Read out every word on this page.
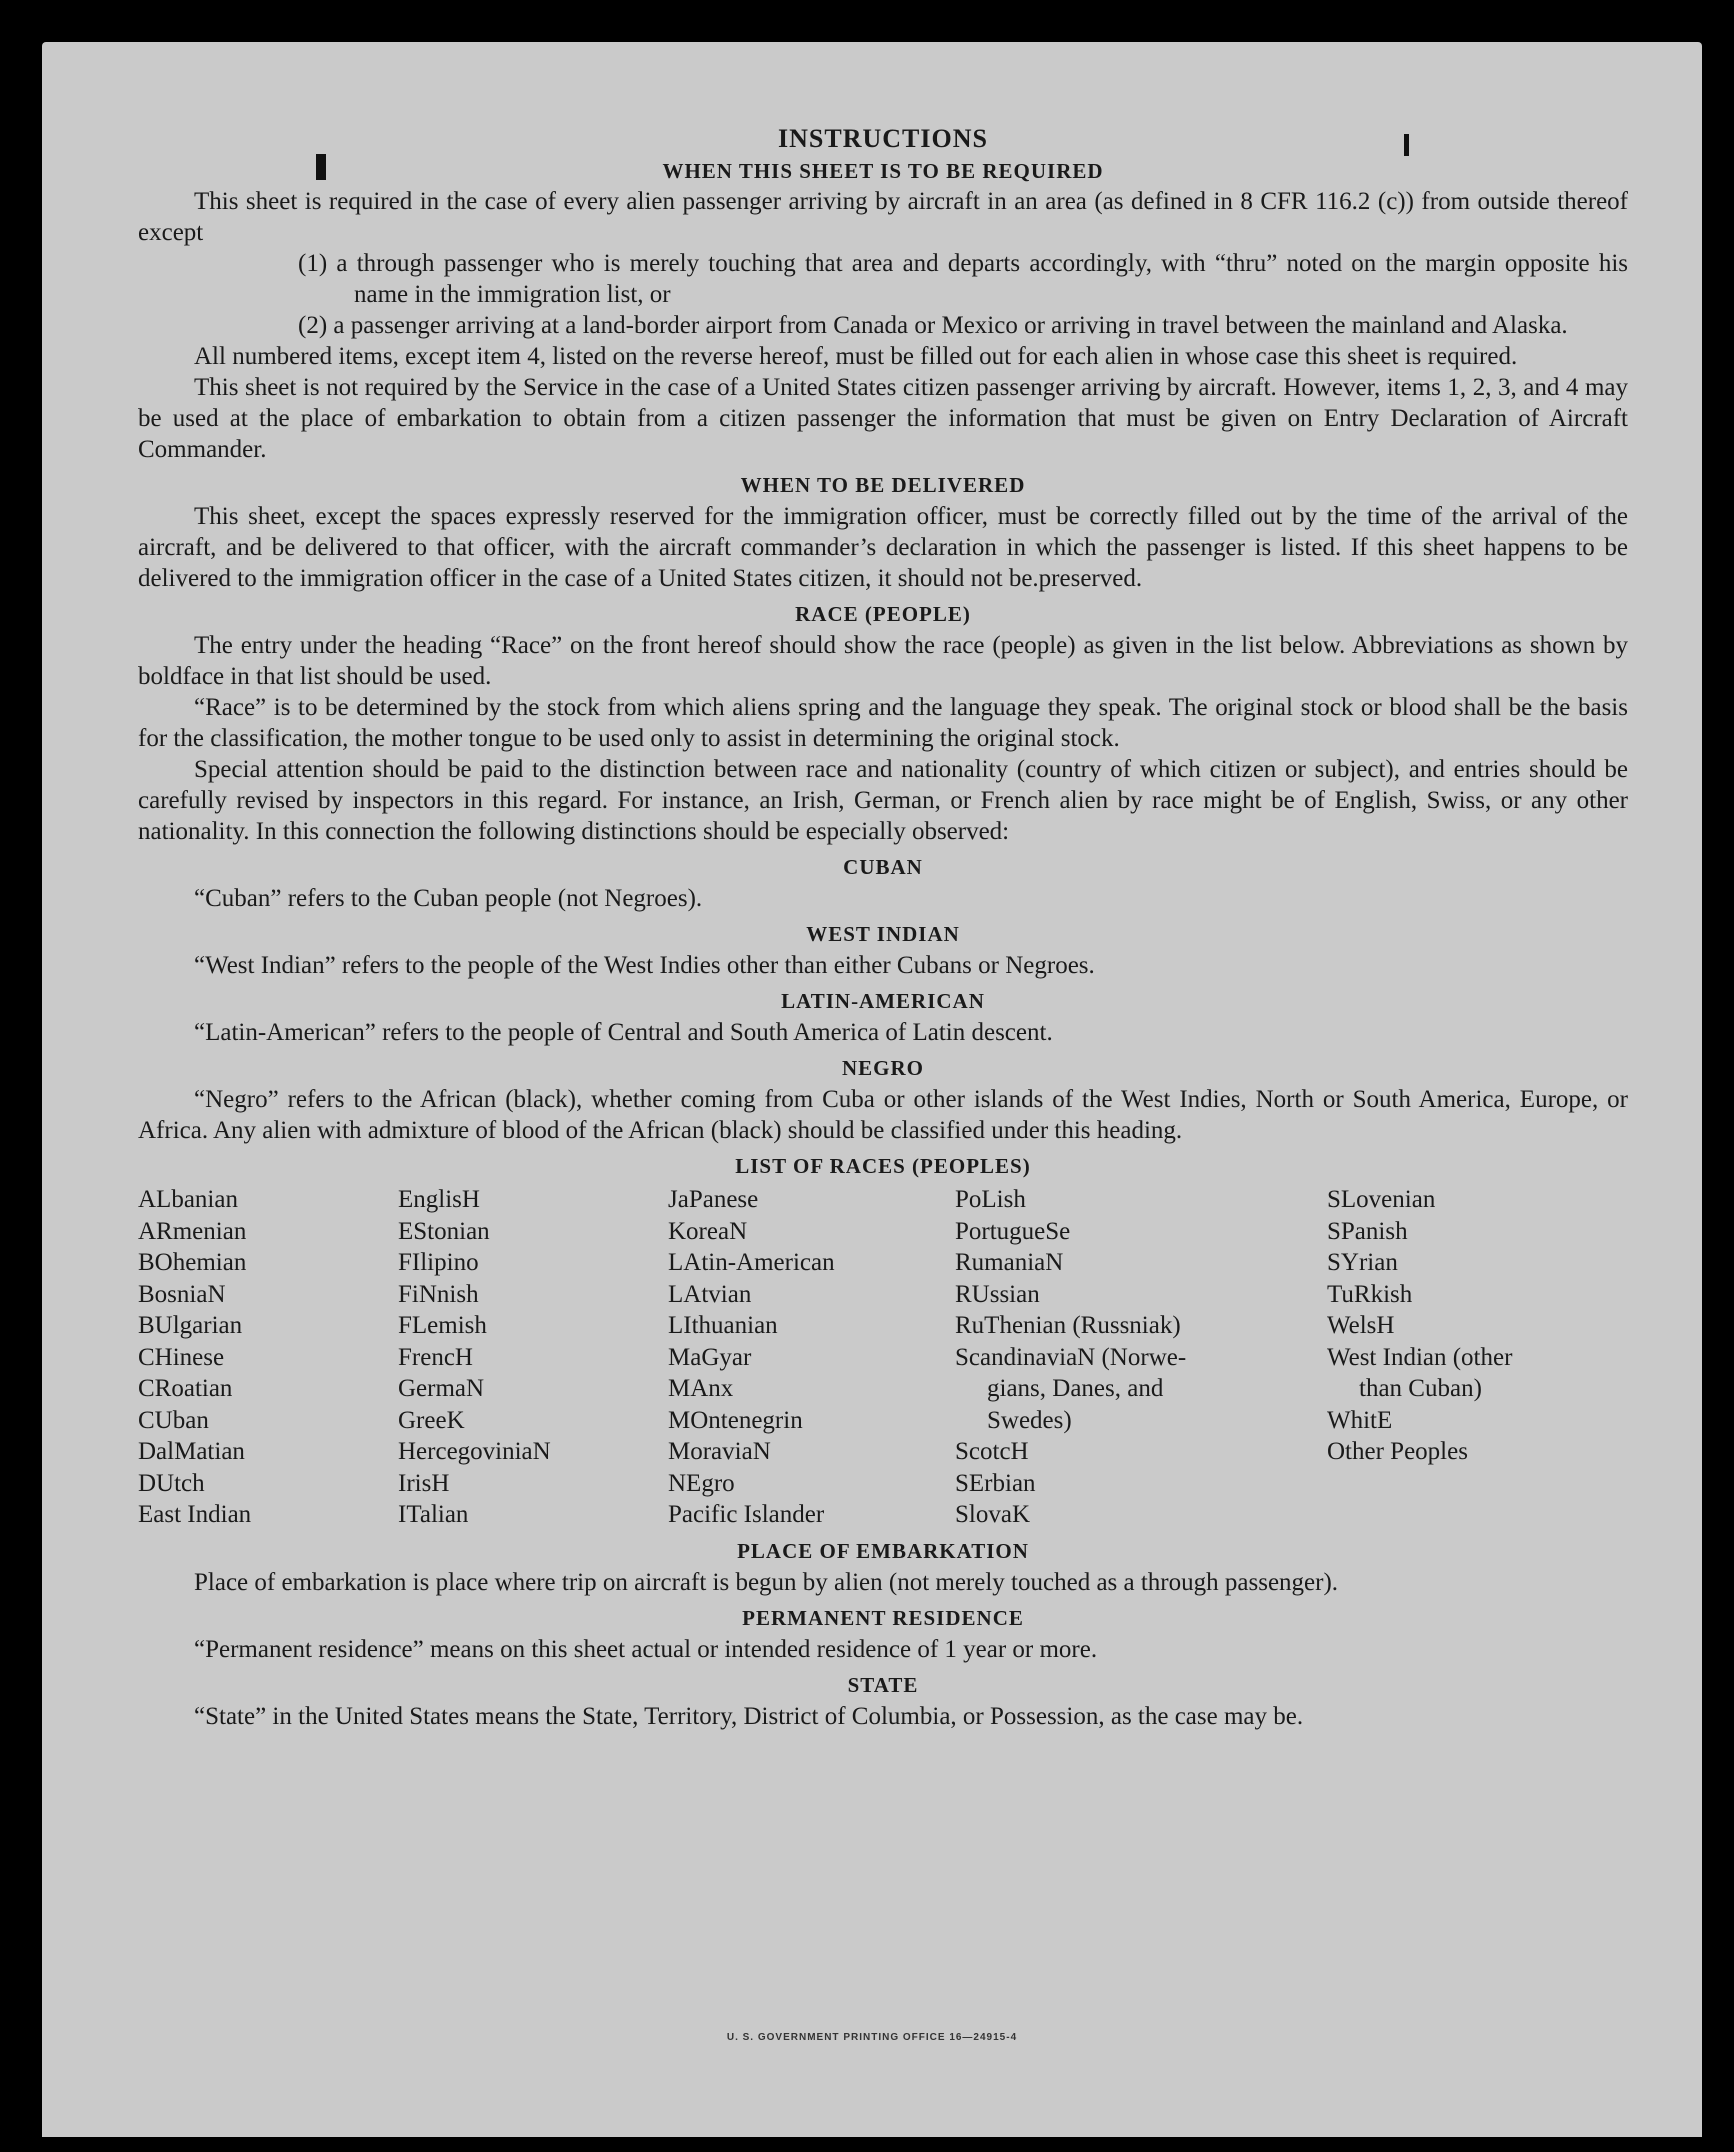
INSTRUCTIONS
WHEN THIS SHEET IS TO BE REQUIRED

This sheet is required in the case of every alien passenger arriving by aircraft in an area (as defined in 8 CFR 116.2 (c)) from outside thereof except

(1) a through passenger who is merely touching that area and departs accordingly, with “thru” noted on the margin opposite his name in the immigration list, or

(2) a passenger arriving at a land-border airport from Canada or Mexico or arriving in travel between the mainland and Alaska.

All numbered items, except item 4, listed on the reverse hereof, must be filled out for each alien in whose case this sheet is required.

This sheet is not required by the Service in the case of a United States citizen passenger arriving by aircraft. However, items 1, 2, 3, and 4 may be used at the place of embarkation to obtain from a citizen passenger the information that must be given on Entry Declaration of Aircraft Commander.

WHEN TO BE DELIVERED

This sheet, except the spaces expressly reserved for the immigration officer, must be correctly filled out by the time of the arrival of the aircraft, and be delivered to that officer, with the aircraft commander’s declaration in which the passenger is listed. If this sheet happens to be delivered to the immigration officer in the case of a United States citizen, it should not be.preserved.

RACE (PEOPLE)

The entry under the heading “Race” on the front hereof should show the race (people) as given in the list below. Abbreviations as shown by boldface in that list should be used.

“Race” is to be determined by the stock from which aliens spring and the language they speak. The original stock or blood shall be the basis for the classification, the mother tongue to be used only to assist in determining the original stock.

Special attention should be paid to the distinction between race and nationality (country of which citizen or subject), and entries should be carefully revised by inspectors in this regard. For instance, an Irish, German, or French alien by race might be of English, Swiss, or any other nationality. In this connection the following distinctions should be especially observed:

CUBAN

“Cuban” refers to the Cuban people (not Negroes).

WEST INDIAN

“West Indian” refers to the people of the West Indies other than either Cubans or Negroes.

LATIN-AMERICAN

“Latin-American” refers to the people of Central and South America of Latin descent.

NEGRO

“Negro” refers to the African (black), whether coming from Cuba or other islands of the West Indies, North or South America, Europe, or Africa. Any alien with admixture of blood of the African (black) should be classified under this heading.

LIST OF RACES (PEOPLES)
ALbanian
ARmenian
BOhemian
BosniaN
BUlgarian
CHinese
CRoatian
CUban
DalMatian
DUtch
East Indian
EnglisH
EStonian
FIlipino
FiNnish
FLemish
FrencH
GermaN
GreeK
HercegoviniaN
IrisH
ITalian
JaPanese
KoreaN
LAtin-American
LAtvian
LIthuanian
MaGyar
MAnx
MOntenegrin
MoraviaN
NEgro
Pacific Islander
PoLish
PortugueSe
RumaniaN
RUssian
RuThenian (Russniak)
ScandinaviaN (Norwe-
gians, Danes, and
Swedes)
ScotcH
SErbian
SlovaK
SLovenian
SPanish
SYrian
TuRkish
WelsH
West Indian (other
than Cuban)
WhitE
Other Peoples
PLACE OF EMBARKATION

Place of embarkation is place where trip on aircraft is begun by alien (not merely touched as a through passenger).

PERMANENT RESIDENCE

“Permanent residence” means on this sheet actual or intended residence of 1 year or more.

STATE

“State” in the United States means the State, Territory, District of Columbia, or Possession, as the case may be.

U. S. GOVERNMENT PRINTING OFFICE 16—24915-4
